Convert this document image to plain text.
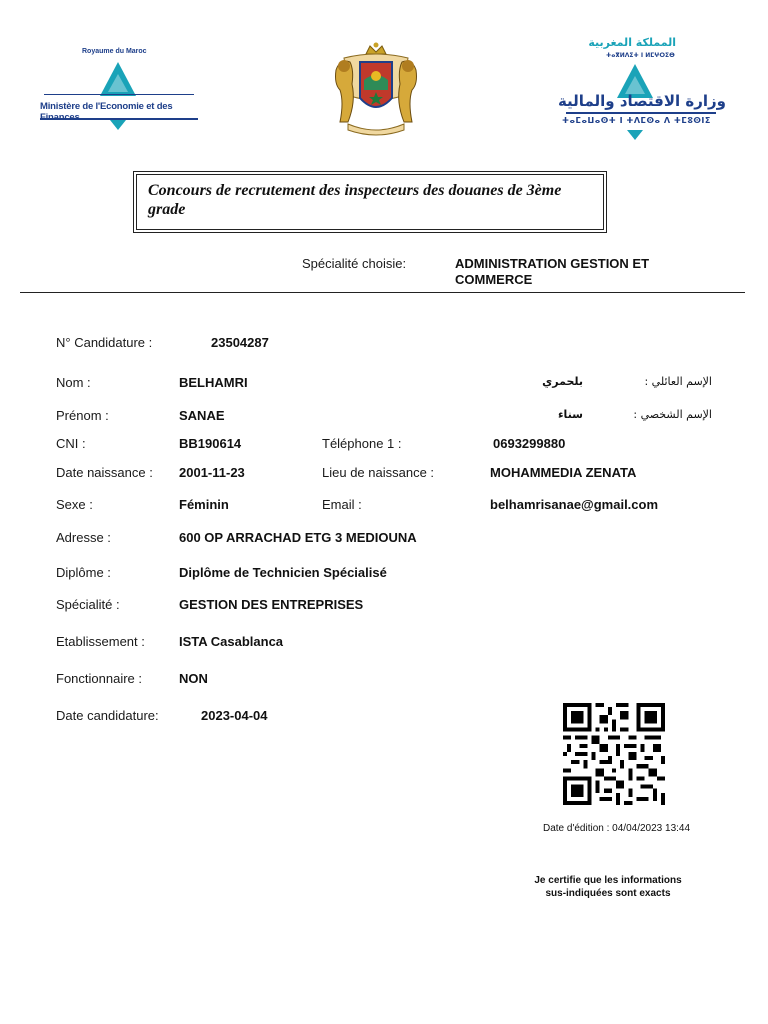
Royaume du Maroc
Ministère de l'Economie et des
المملكة المغربية
ⵜⴰⴳⵍⴷⵉⵜ ⵏ ⵍⵎⵖⵔⵉⴱ
وزارة الاقتصاد والمالية
ⵜⴰⵎⴰⵡⴰⵙⵜ ⵏ ⵜⴷⵎⵙⴰ ⴷ ⵜⵎⵓⵙⵏⵉ
Concours de recrutement des inspecteurs des douanes de 3ème grade
Spécialité choisie:	ADMINISTRATION GESTION ET COMMERCE
N° Candidature :	23504287
Nom :	BELHAMRI	بلحمري	الإسم العائلي :
Prénom :	SANAE	سناء	الإسم الشخصي :
CNI :	BB190614	Téléphone 1 :	0693299880
Date naissance : 2001-11-23	Lieu de naissance :	MOHAMMEDIA ZENATA
Sexe :	Féminin	Email :	belhamrisanae@gmail.com
Adresse :	600 OP ARRACHAD ETG 3 MEDIOUNA
Diplôme :	Diplôme de Technicien Spécialisé
Spécialité :	GESTION DES ENTREPRISES
Etablissement :	ISTA Casablanca
Fonctionnaire :	NON
Date candidature:	2023-04-04
Date d'édition : 04/04/2023 13:44
Je certifie que les informations
sus-indiquées sont exacts
